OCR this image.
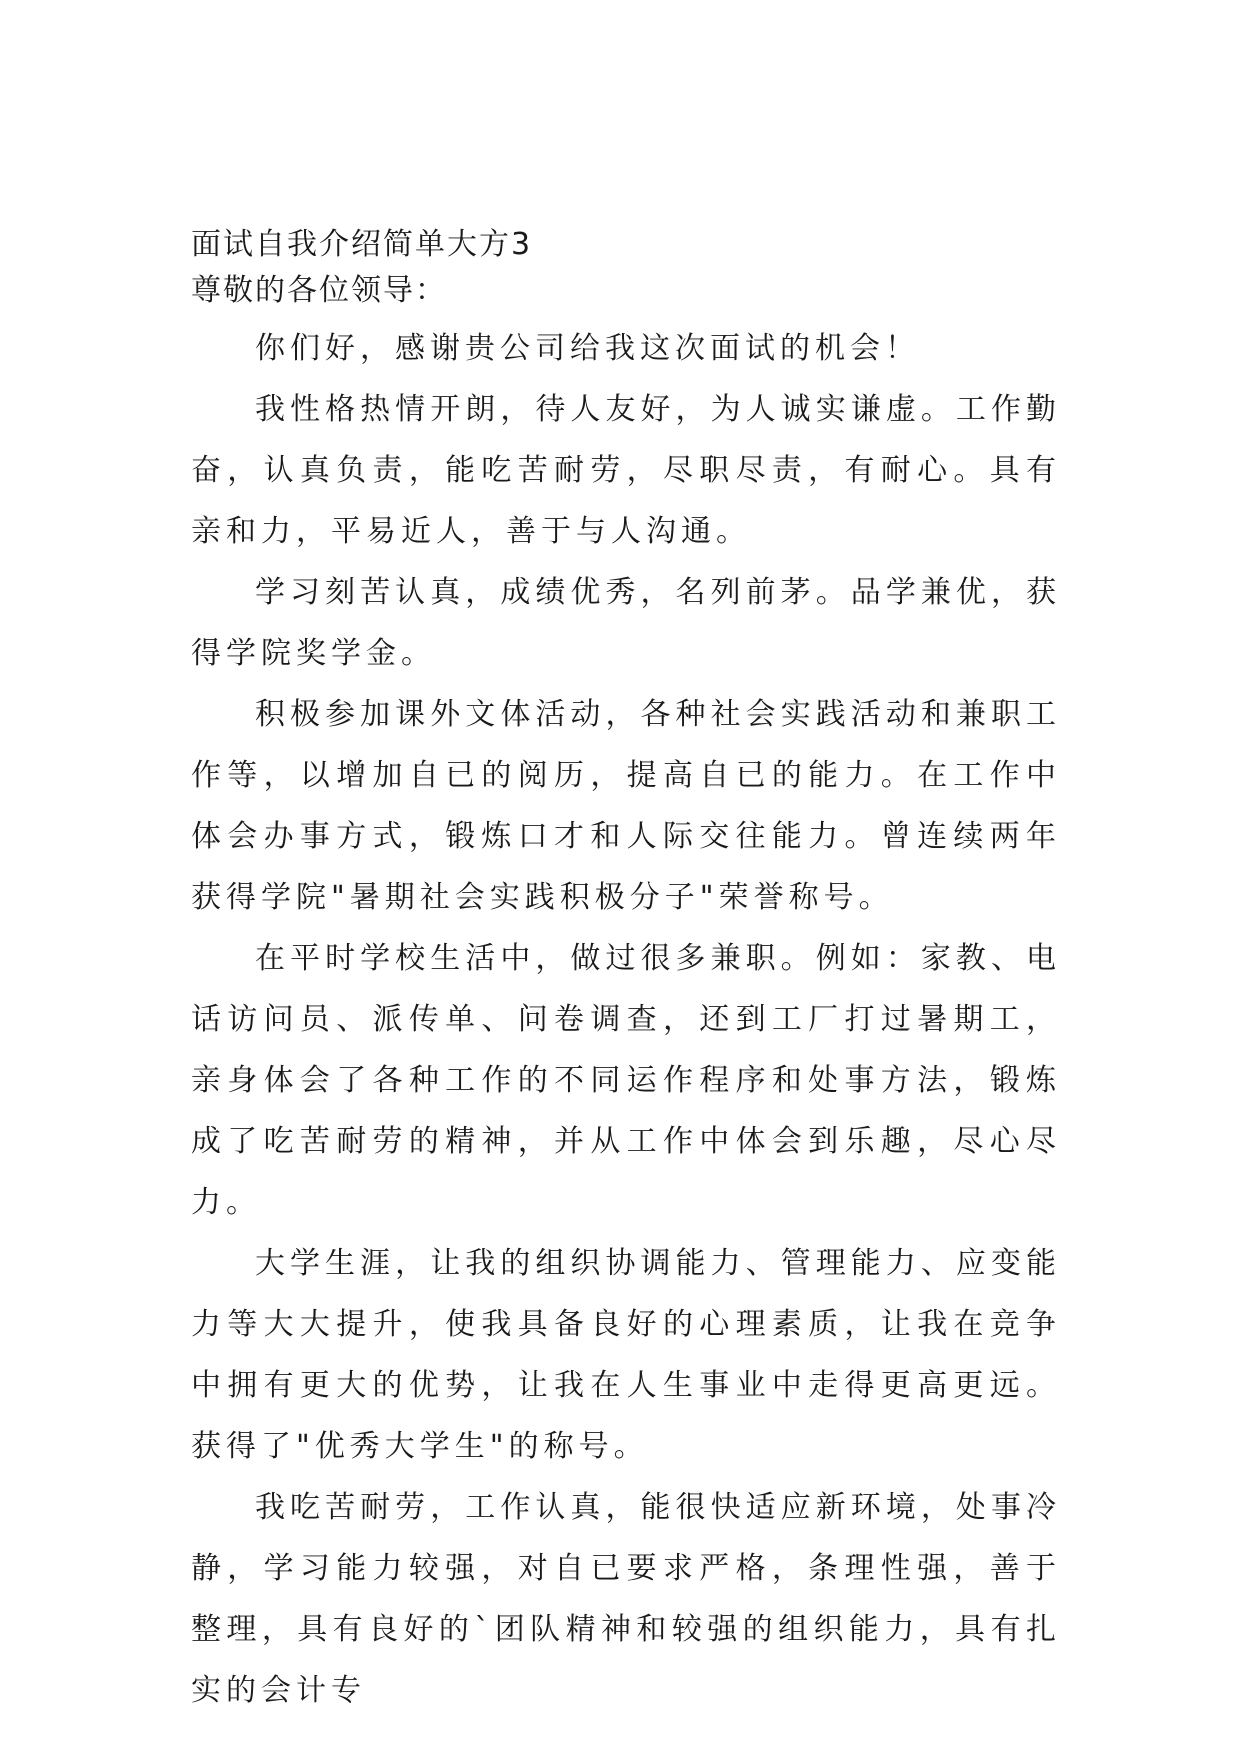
面试自我介绍简单大方3

尊敬的各位领导：

你们好，感谢贵公司给我这次面试的机会！

我性格热情开朗，待人友好，为人诚实谦虚。工作勤奋，认真负责，能吃苦耐劳，尽职尽责，有耐心。具有亲和力，平易近人，善于与人沟通。

学习刻苦认真，成绩优秀，名列前茅。品学兼优，获得学院奖学金。

积极参加课外文体活动，各种社会实践活动和兼职工作等，以增加自已的阅历，提高自已的能力。在工作中体会办事方式，锻炼口才和人际交往能力。曾连续两年获得学院"暑期社会实践积极分子"荣誉称号。

在平时学校生活中，做过很多兼职。例如：家教、电话访问员、派传单、问卷调查，还到工厂打过暑期工，亲身体会了各种工作的不同运作程序和处事方法，锻炼成了吃苦耐劳的精神，并从工作中体会到乐趣，尽心尽力。

大学生涯，让我的组织协调能力、管理能力、应变能力等大大提升，使我具备良好的心理素质，让我在竞争中拥有更大的优势，让我在人生事业中走得更高更远。获得了"优秀大学生"的称号。

我吃苦耐劳，工作认真，能很快适应新环境，处事冷静，学习能力较强，对自已要求严格，条理性强，善于整理，具有良好的`团队精神和较强的组织能力，具有扎实的会计专
